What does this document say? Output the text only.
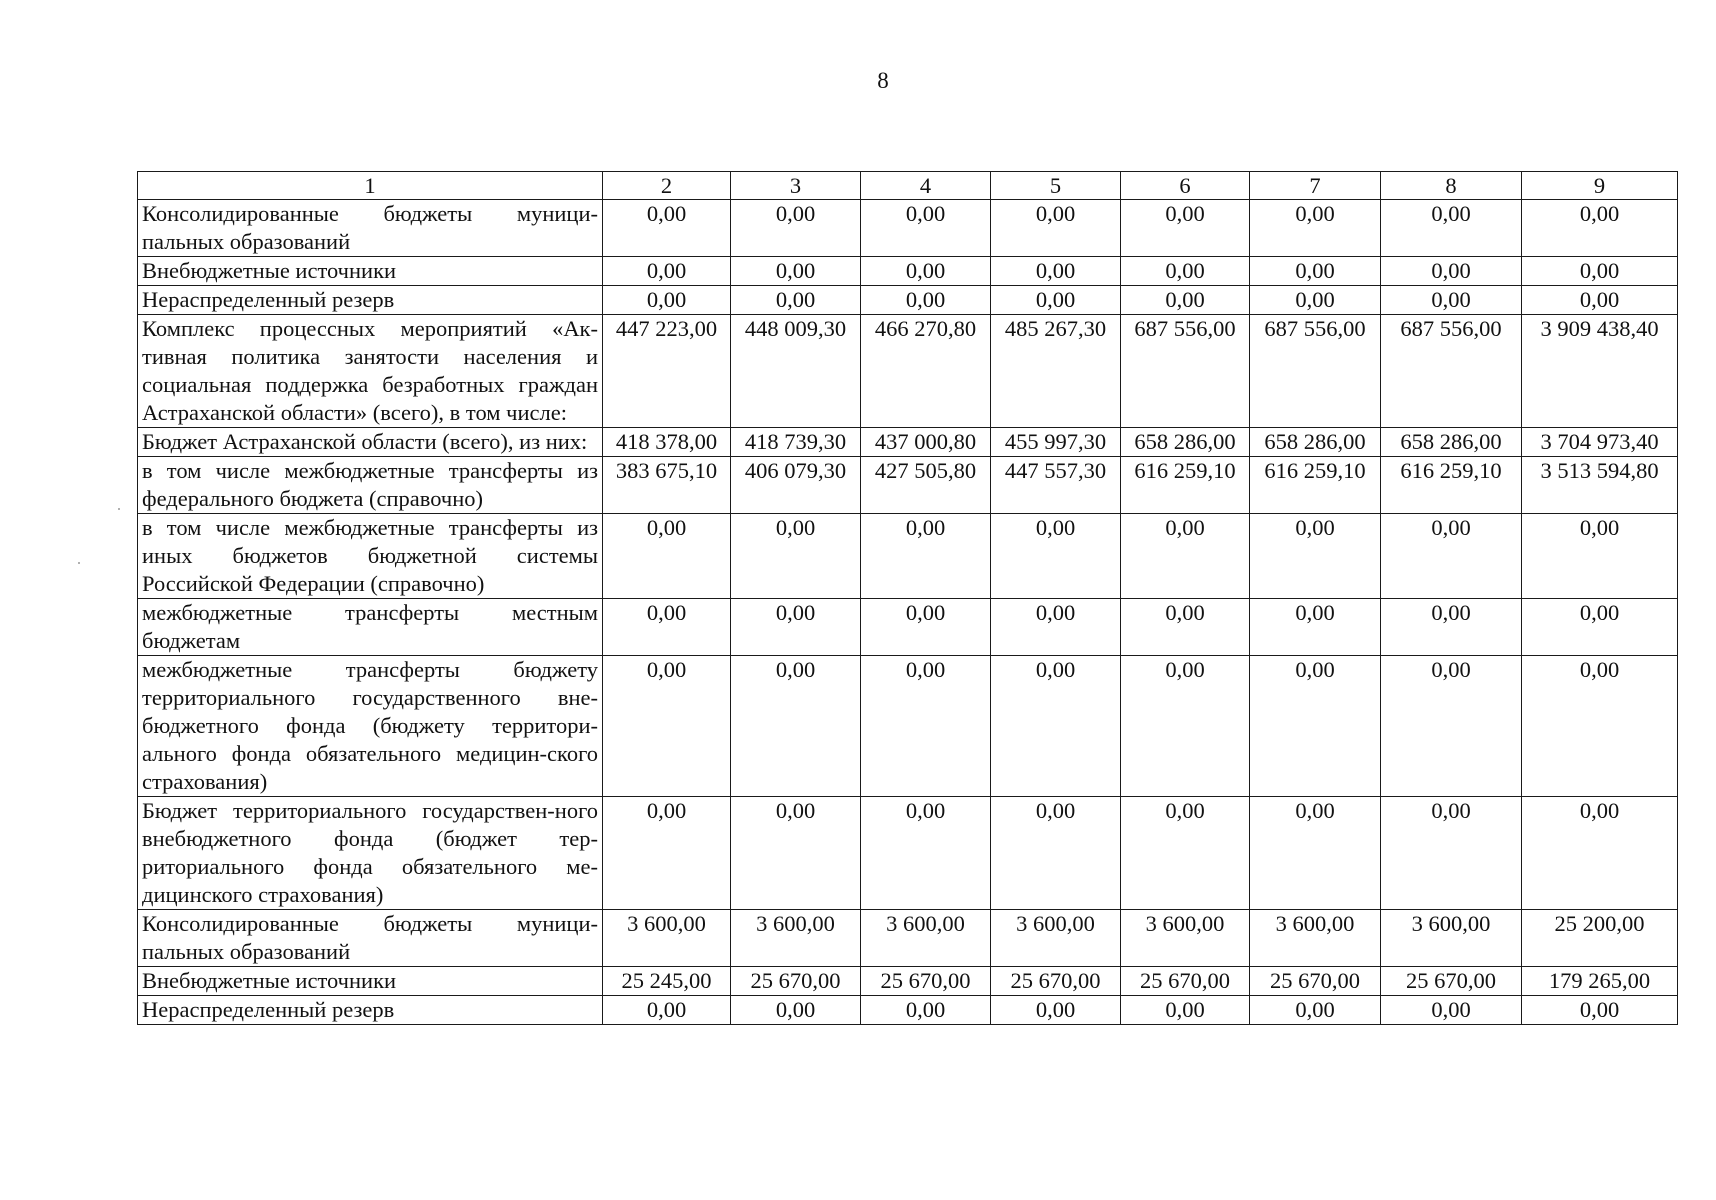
8
1	2	3	4	5	6	7	8	9
Консолидированные бюджеты муници-пальных образований	0,00	0,00	0,00	0,00	0,00	0,00	0,00	0,00
Внебюджетные источники	0,00	0,00	0,00	0,00	0,00	0,00	0,00	0,00
Нераспределенный резерв	0,00	0,00	0,00	0,00	0,00	0,00	0,00	0,00
Комплекс процессных мероприятий «Ак-тивная политика занятости населения и социальная поддержка безработных граждан Астраханской области» (всего), в том числе:	447 223,00	448 009,30	466 270,80	485 267,30	687 556,00	687 556,00	687 556,00	3 909 438,40
Бюджет Астраханской области (всего), из них:	418 378,00	418 739,30	437 000,80	455 997,30	658 286,00	658 286,00	658 286,00	3 704 973,40
в том числе межбюджетные трансферты из федерального бюджета (справочно)	383 675,10	406 079,30	427 505,80	447 557,30	616 259,10	616 259,10	616 259,10	3 513 594,80
в том числе межбюджетные трансферты из иных бюджетов бюджетной системы Российской Федерации (справочно)	0,00	0,00	0,00	0,00	0,00	0,00	0,00	0,00
межбюджетные трансферты местным бюджетам	0,00	0,00	0,00	0,00	0,00	0,00	0,00	0,00
межбюджетные трансферты бюджету территориального государственного вне-бюджетного фонда (бюджету территори-ального фонда обязательного медицин-ского страхования)	0,00	0,00	0,00	0,00	0,00	0,00	0,00	0,00
Бюджет территориального государствен-ного внебюджетного фонда (бюджет тер-риториального фонда обязательного ме-дицинского страхования)	0,00	0,00	0,00	0,00	0,00	0,00	0,00	0,00
Консолидированные бюджеты муници-пальных образований	3 600,00	3 600,00	3 600,00	3 600,00	3 600,00	3 600,00	3 600,00	25 200,00
Внебюджетные источники	25 245,00	25 670,00	25 670,00	25 670,00	25 670,00	25 670,00	25 670,00	179 265,00
Нераспределенный резерв	0,00	0,00	0,00	0,00	0,00	0,00	0,00	0,00
